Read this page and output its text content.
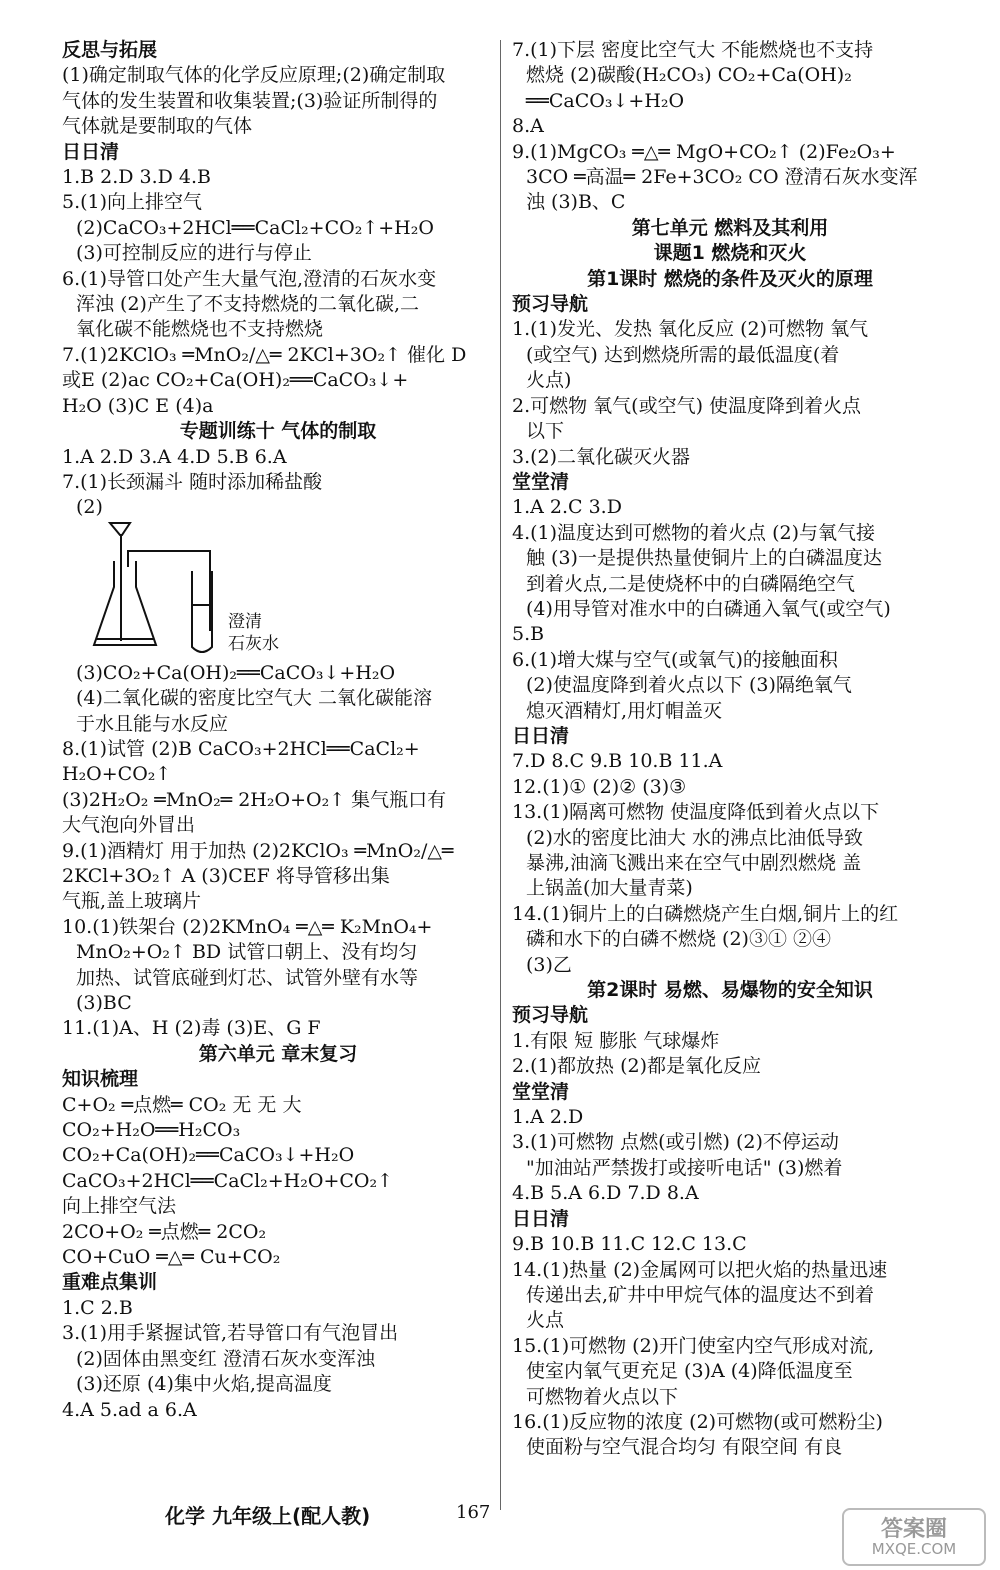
反思与拓展
(1)确定制取气体的化学反应原理;(2)确定制取
气体的发生装置和收集装置;(3)验证所制得的
气体就是要制取的气体
日日清
1.B 2.D 3.D 4.B
5.(1)向上排空气
(2)CaCO₃+2HCl══CaCl₂+CO₂↑+H₂O
(3)可控制反应的进行与停止
6.(1)导管口处产生大量气泡,澄清的石灰水变
浑浊 (2)产生了不支持燃烧的二氧化碳,二
氧化碳不能燃烧也不支持燃烧
7.(1)2KClO₃ ═MnO₂/△═ 2KCl+3O₂↑ 催化 D
或E (2)ac CO₂+Ca(OH)₂══CaCO₃↓+
H₂O (3)C E (4)a
专题训练十 气体的制取
1.A 2.D 3.A 4.D 5.B 6.A
7.(1)长颈漏斗 随时添加稀盐酸
(2)
澄清
石灰水
(3)CO₂+Ca(OH)₂══CaCO₃↓+H₂O
(4)二氧化碳的密度比空气大 二氧化碳能溶
于水且能与水反应
8.(1)试管 (2)B CaCO₃+2HCl══CaCl₂+
H₂O+CO₂↑
(3)2H₂O₂ ═MnO₂═ 2H₂O+O₂↑ 集气瓶口有
大气泡向外冒出
9.(1)酒精灯 用于加热 (2)2KClO₃ ═MnO₂/△═
2KCl+3O₂↑ A (3)CEF 将导管移出集
气瓶,盖上玻璃片
10.(1)铁架台 (2)2KMnO₄ ═△═ K₂MnO₄+
MnO₂+O₂↑ BD 试管口朝上、没有均匀
加热、试管底碰到灯芯、试管外壁有水等
(3)BC
11.(1)A、H (2)毒 (3)E、G F
第六单元 章末复习
知识梳理
C+O₂ ═点燃═ CO₂ 无 无 大
CO₂+H₂O══H₂CO₃
CO₂+Ca(OH)₂══CaCO₃↓+H₂O
CaCO₃+2HCl══CaCl₂+H₂O+CO₂↑
向上排空气法
2CO+O₂ ═点燃═ 2CO₂
CO+CuO ═△═ Cu+CO₂
重难点集训
1.C 2.B
3.(1)用手紧握试管,若导管口有气泡冒出
(2)固体由黑变红 澄清石灰水变浑浊
(3)还原 (4)集中火焰,提高温度
4.A 5.ad a 6.A
7.(1)下层 密度比空气大 不能燃烧也不支持
燃烧 (2)碳酸(H₂CO₃) CO₂+Ca(OH)₂
══CaCO₃↓+H₂O
8.A
9.(1)MgCO₃ ═△═ MgO+CO₂↑ (2)Fe₂O₃+
3CO ═高温═ 2Fe+3CO₂ CO 澄清石灰水变浑
浊 (3)B、C
第七单元 燃料及其利用
课题1 燃烧和灭火
第1课时 燃烧的条件及灭火的原理
预习导航
1.(1)发光、发热 氧化反应 (2)可燃物 氧气
(或空气) 达到燃烧所需的最低温度(着
火点)
2.可燃物 氧气(或空气) 使温度降到着火点
以下
3.(2)二氧化碳灭火器
堂堂清
1.A 2.C 3.D
4.(1)温度达到可燃物的着火点 (2)与氧气接
触 (3)一是提供热量使铜片上的白磷温度达
到着火点,二是使烧杯中的白磷隔绝空气
(4)用导管对准水中的白磷通入氧气(或空气)
5.B
6.(1)增大煤与空气(或氧气)的接触面积
(2)使温度降到着火点以下 (3)隔绝氧气
熄灭酒精灯,用灯帽盖灭
日日清
7.D 8.C 9.B 10.B 11.A
12.(1)① (2)② (3)③
13.(1)隔离可燃物 使温度降低到着火点以下
(2)水的密度比油大 水的沸点比油低导致
暴沸,油滴飞溅出来在空气中剧烈燃烧 盖
上锅盖(加大量青菜)
14.(1)铜片上的白磷燃烧产生白烟,铜片上的红
磷和水下的白磷不燃烧 (2)③① ②④
(3)乙
第2课时 易燃、易爆物的安全知识
预习导航
1.有限 短 膨胀 气球爆炸
2.(1)都放热 (2)都是氧化反应
堂堂清
1.A 2.D
3.(1)可燃物 点燃(或引燃) (2)不停运动
"加油站严禁拨打或接听电话" (3)燃着
4.B 5.A 6.D 7.D 8.A
日日清
9.B 10.B 11.C 12.C 13.C
14.(1)热量 (2)金属网可以把火焰的热量迅速
传递出去,矿井中甲烷气体的温度达不到着
火点
15.(1)可燃物 (2)开门使室内空气形成对流,
使室内氧气更充足 (3)A (4)降低温度至
可燃物着火点以下
16.(1)反应物的浓度 (2)可燃物(或可燃粉尘)
使面粉与空气混合均匀 有限空间 有良
化学 九年级上(配人教)	167
答案圈
MXQE.COM
